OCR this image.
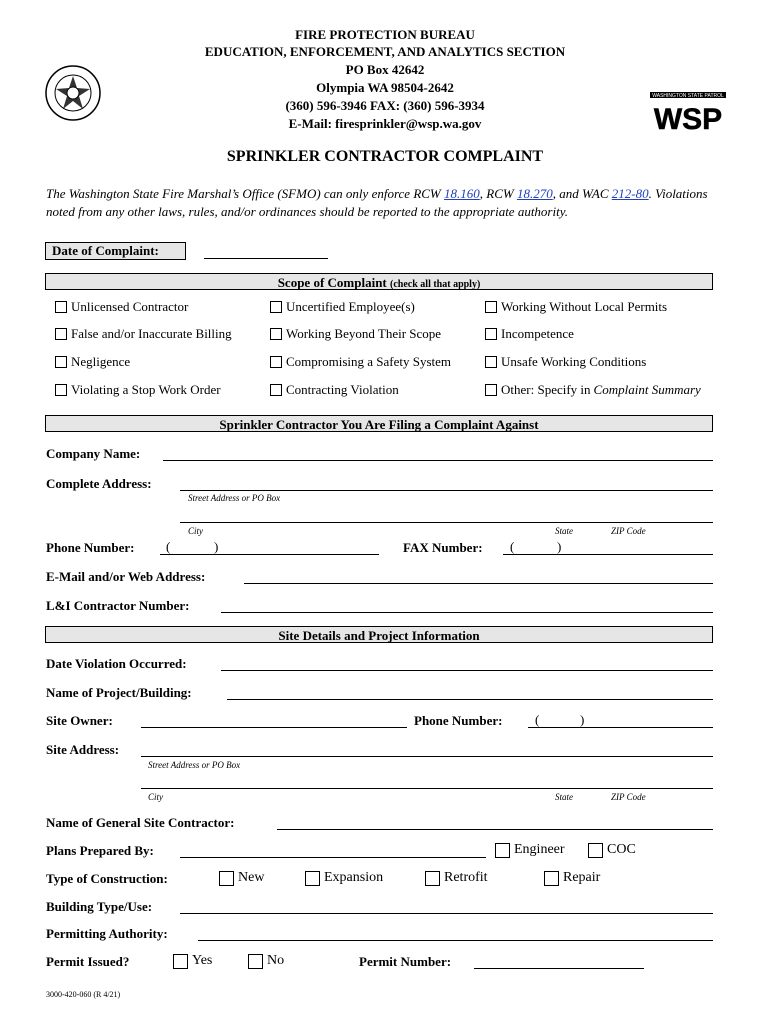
WASHINGTON STATE PATROL
WSP
FIRE PROTECTION BUREAU
EDUCATION, ENFORCEMENT, AND ANALYTICS SECTION
PO Box 42642
Olympia WA 98504-2642
(360) 596-3946 FAX: (360) 596-3934
E-Mail: firesprinkler@wsp.wa.gov
SPRINKLER CONTRACTOR COMPLAINT
The Washington State Fire Marshal’s Office (SFMO) can only enforce RCW 18.160, RCW 18.270, and WAC 212-80. Violations noted from any other laws, rules, and/or ordinances should be reported to the appropriate authority.
Date of Complaint:
Scope of Complaint (check all that apply)
Unlicensed Contractor	Uncertified Employee(s)	Working Without Local Permits
False and/or Inaccurate Billing	Working Beyond Their Scope	Incompetence
Negligence	Compromising a Safety System	Unsafe Working Conditions
Violating a Stop Work Order	Contracting Violation	Other: Specify in Complaint Summary
Sprinkler Contractor You Are Filing a Complaint Against
Company Name:
Complete Address:
Street Address or PO Box
City	State	ZIP Code
Phone Number: (	)	FAX Number: (	)
E-Mail and/or Web Address:
L&I Contractor Number:
Site Details and Project Information
Date Violation Occurred:
Name of Project/Building:
Site Owner:	Phone Number:	(	)
Site Address:
Street Address or PO Box
City	State	ZIP Code
Name of General Site Contractor:
Plans Prepared By:	Engineer	COC
Type of Construction:	New	Expansion	Retrofit	Repair
Building Type/Use:
Permitting Authority:
Permit Issued?	Yes	No	Permit Number:
3000-420-060 (R 4/21)
